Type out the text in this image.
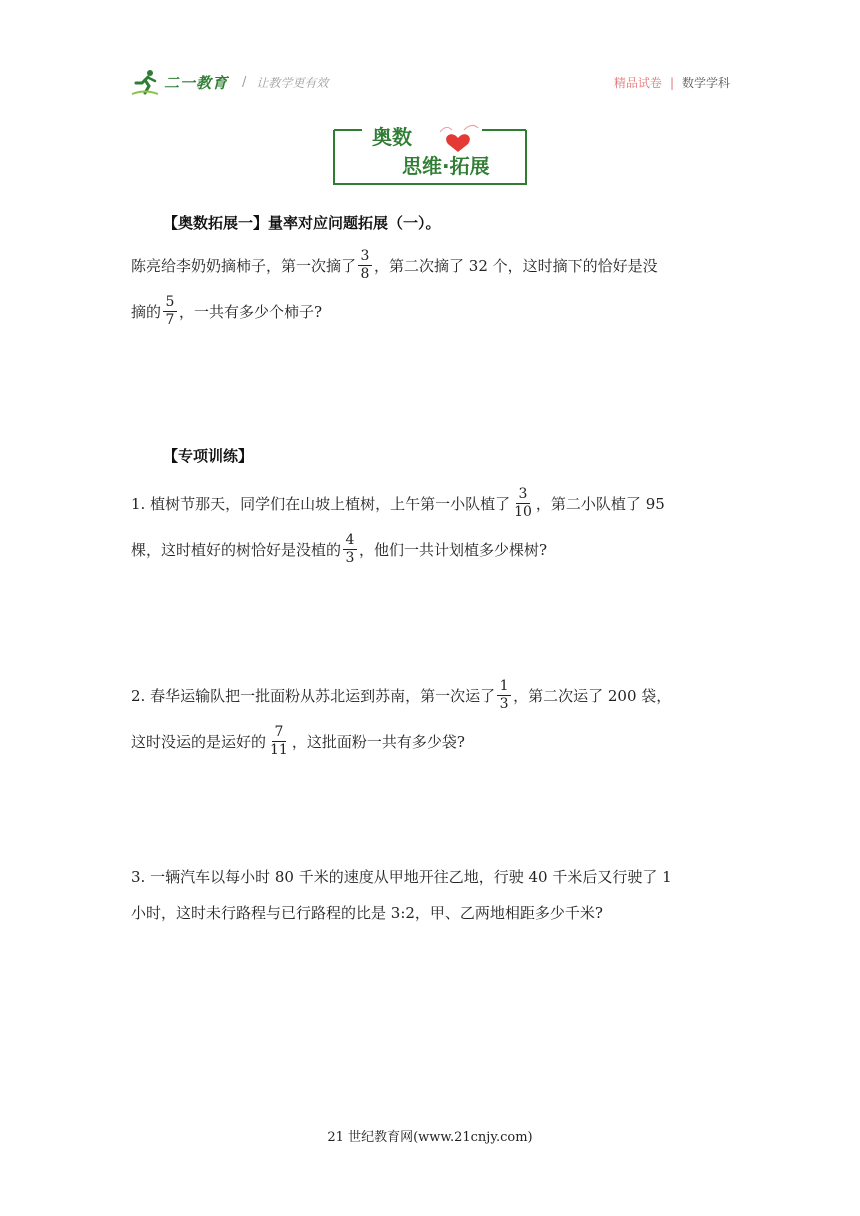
二一教育 / 让教学更有效	精品试卷 | 数学学科
奥数
思维·拓展
【奥数拓展一】量率对应问题拓展（一）。
陈亮给李奶奶摘柿子，第一次摘了 $\frac{3}{8}$ ，第二次摘了 32 个，这时摘下的恰好是没
摘的 $\frac{5}{7}$ ，一共有多少个柿子?
【专项训练】
1. 植树节那天，同学们在山坡上植树，上午第一小队植了 $\frac{3}{10}$ ，第二小队植了 95
棵，这时植好的树恰好是没植的 $\frac{4}{3}$ ，他们一共计划植多少棵树?
2. 春华运输队把一批面粉从苏北运到苏南，第一次运了 $\frac{1}{3}$ ，第二次运了 200 袋，
这时没运的是运好的 $\frac{7}{11}$ ，这批面粉一共有多少袋?
3. 一辆汽车以每小时 80 千米的速度从甲地开往乙地，行驶 40 千米后又行驶了 1
小时，这时未行路程与已行路程的比是 3:2，甲、乙两地相距多少千米?
21 世纪教育网(www.21cnjy.com)
